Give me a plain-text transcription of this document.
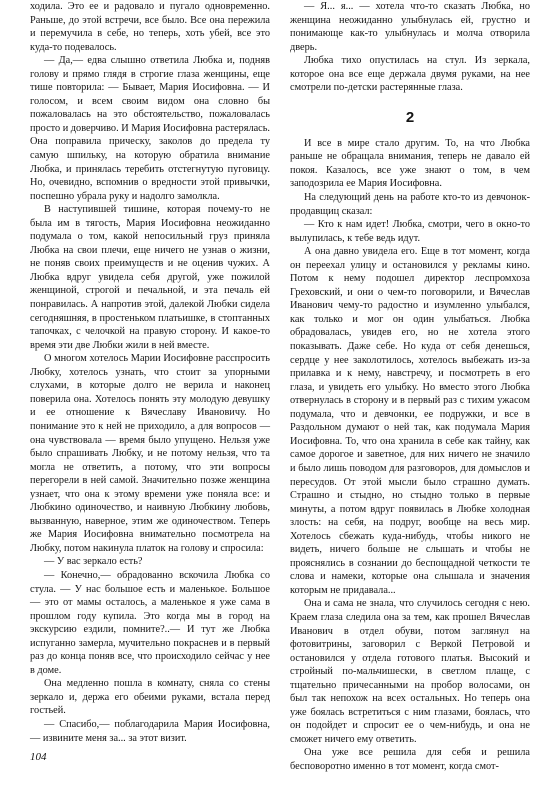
ходила. Это ее и радовало и пугало одновременно. Раньше, до этой встречи, все было. Все она пережила и перемучила в себе, но теперь, хоть убей, все это куда-то подевалось.

— Да,— едва слышно ответила Любка и, подняв голову и прямо глядя в строгие глаза женщины, еще тише повторила: — Бывает, Мария Иосифовна. — И голосом, и всем своим видом она словно бы пожаловалась на это обстоятельство, пожаловалась просто и доверчиво. И Мария Иосифовна растерялась. Она поправила прическу, заколов до предела ту самую шпильку, на которую обратила внимание Любка, и принялась теребить отстегнутую пуговицу. Но, очевидно, вспомнив о вредности этой привычки, поспешно убрала руку и надолго замолкла.

В наступившей тишине, которая почему-то не была им в тягость, Мария Иосифовна неожиданно подумала о том, какой непосильный груз приняла Любка на свои плечи, еще ничего не узнав о жизни, не поняв своих преимуществ и не оценив чужих. А Любка вдруг увидела себя другой, уже пожилой женщиной, строгой и печальной, и эта печаль ей понравилась. А напротив этой, далекой Любки сидела сегодняшняя, в простеньком платьишке, в стоптанных тапочках, с челочкой на правую сторону. И какое-то время эти две Любки жили в ней вместе.

О многом хотелось Марии Иосифовне расспросить Любку, хотелось узнать, что стоит за упорными слухами, в которые долго не верила и наконец поверила она. Хотелось понять эту молодую девушку и ее отношение к Вячеславу Ивановичу. Но понимание это к ней не приходило, а для вопросов — она чувствовала — время было упущено. Нельзя уже было спрашивать Любку, и не потому нельзя, что та могла не ответить, а потому, что эти вопросы перегорели в ней самой. Значительно позже женщина узнает, что она к этому времени уже поняла все: и Любкино одиночество, и наивную Любкину любовь, вызванную, наверное, этим же одиночеством. Теперь же Мария Иосифовна внимательно посмотрела на Любку, потом накинула платок на голову и спросила:

— У вас зеркало есть?

— Конечно,— обрадованно вскочила Любка со стула. — У нас большое есть и маленькое. Большое — это от мамы осталось, а маленькое я уже сама в прошлом году купила. Это когда мы в город на экскурсию ездили, помните?..— И тут же Любка испуганно замерла, мучительно покраснев и в первый раз до конца поняв все, что происходило сейчас у нее в доме.

Она медленно пошла в комнату, сняла со стены зеркало и, держа его обеими руками, встала перед гостьей.

— Спасибо,— поблагодарила Мария Иосифовна,— извините меня за... за этот визит.

— Я... я... — хотела что-то сказать Любка, но женщина неожиданно улыбнулась ей, грустно и понимающе как-то улыбнулась и молча отворила дверь.

Любка тихо опустилась на стул. Из зеркала, которое она все еще держала двумя руками, на нее смотрели по-детски растерянные глаза.

2

И все в мире стало другим. То, на что Любка раньше не обращала внимания, теперь не давало ей покоя. Казалось, все уже знают о том, в чем заподозрила ее Мария Иосифовна.

На следующий день на работе кто-то из девчонок-продавщиц сказал:

— Кто к нам идет! Любка, смотри, чего в окно-то вылупилась, к тебе ведь идут.

А она давно увидела его. Еще в тот момент, когда он переехал улицу и остановился у рекламы кино. Потом к нему подошел директор леспромхоза Греховский, и они о чем-то поговорили, и Вячеслав Иванович чему-то радостно и изумленно улыбался, как только и мог он один улыбаться. Любка обрадовалась, увидев его, но не хотела этого показывать. Даже себе. Но куда от себя денешься, сердце у нее заколотилось, хотелось выбежать из-за прилавка и к нему, навстречу, и посмотреть в его глаза, и увидеть его улыбку. Но вместо этого Любка отвернулась в сторону и в первый раз с тихим ужасом подумала, что и девчонки, ее подружки, и все в Раздольном думают о ней так, как подумала Мария Иосифовна. То, что она хранила в себе как тайну, как самое дорогое и заветное, для них ничего не значило и было лишь поводом для разговоров, для домыслов и пересудов. От этой мысли было страшно думать. Страшно и стыдно, но стыдно только в первые минуты, а потом вдруг появилась в Любке холодная злость: на себя, на подруг, вообще на весь мир. Хотелось сбежать куда-нибудь, чтобы никого не видеть, ничего больше не слышать и чтобы не прояснялись в сознании до беспощадной четкости те слова и намеки, которые она слышала и значения которым не придавала...

Она и сама не знала, что случилось сегодня с нею. Краем глаза следила она за тем, как прошел Вячеслав Иванович в отдел обуви, потом заглянул на фотовитрины, заговорил с Веркой Петровой и остановился у отдела готового платья. Высокий и стройный по-мальчишески, в светлом плаще, с тщательно причесанными на пробор волосами, он был так непохож на всех остальных. Но теперь она уже боялась встретиться с ним глазами, боялась, что он подойдет и спросит ее о чем-нибудь, и она не сможет ничего ему ответить.

Она уже все решила для себя и решила бесповоротно именно в тот момент, когда смот-

104
